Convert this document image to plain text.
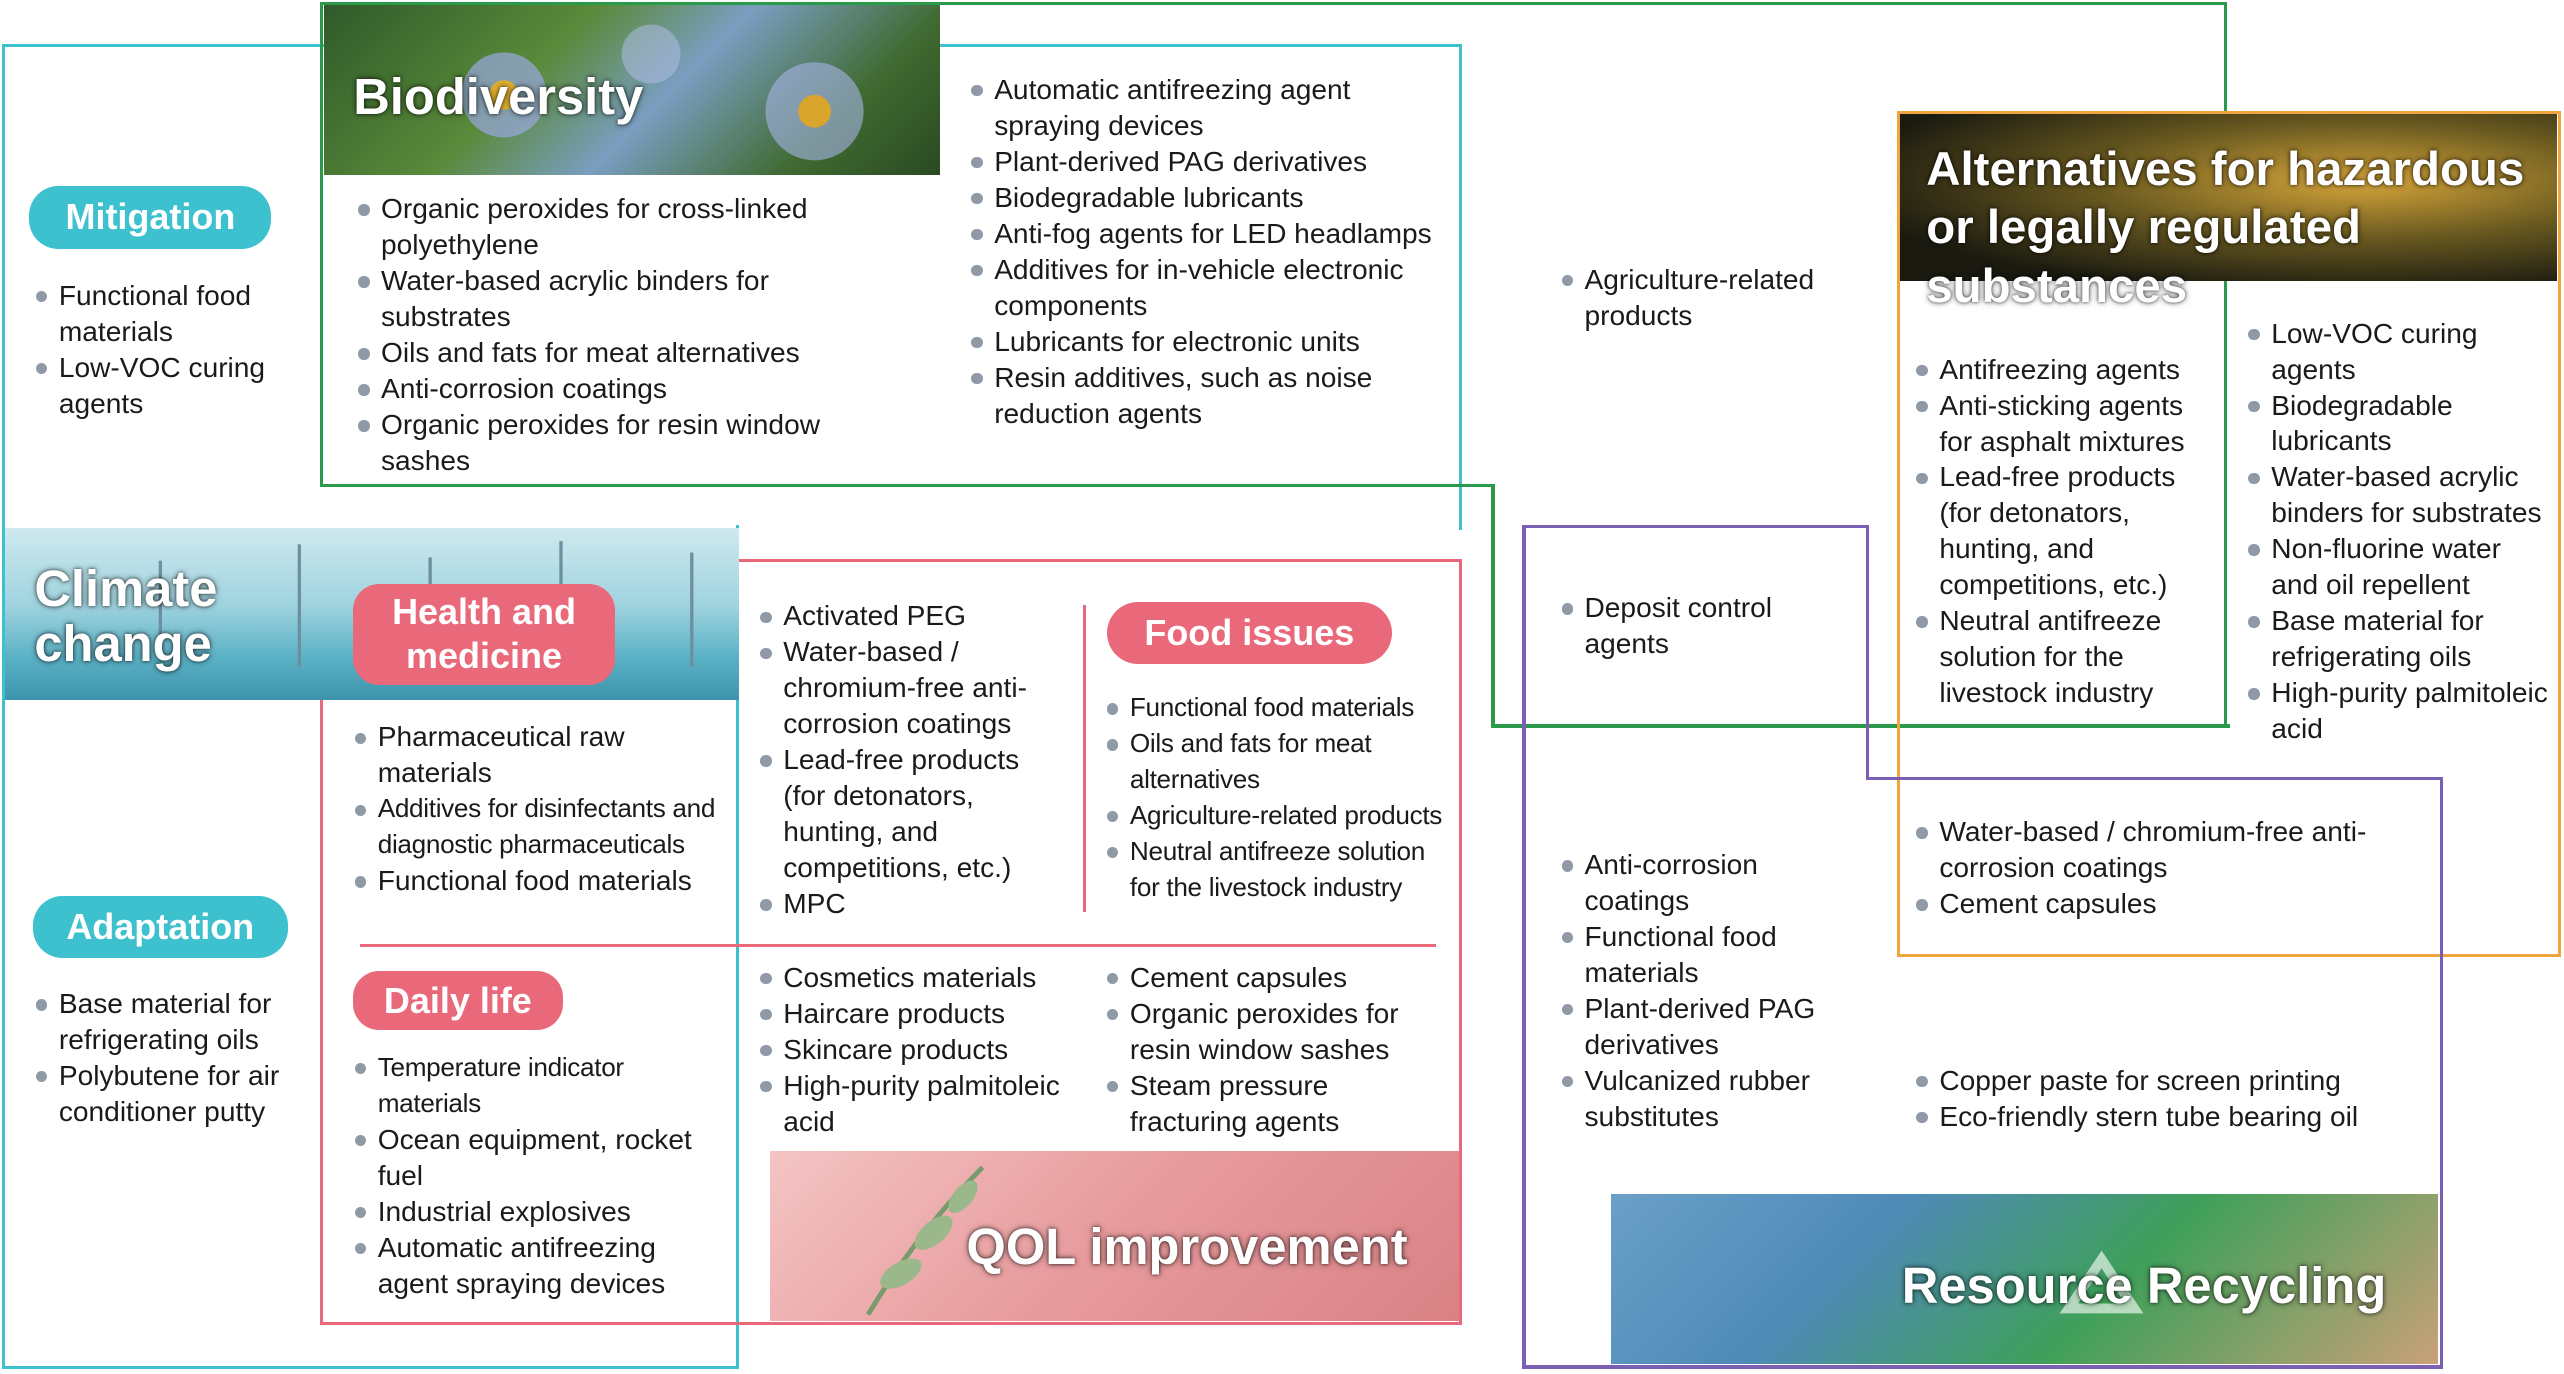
Biodiversity
Climate change
Alternatives for hazardous or legally regulated substances
QOL improvement
Resource Recycling
Mitigation
Adaptation
Health and medicine
Food issues
Daily life
Functional food materials
Low-VOC curing agents
Base material for refrigerating oils
Polybutene for air conditioner putty
Organic peroxides for cross-linked polyethylene
Water-based acrylic binders for substrates
Oils and fats for meat alternatives
Anti-corrosion coatings
Organic peroxides for resin window sashes
Automatic antifreezing agent spraying devices
Plant-derived PAG derivatives
Biodegradable lubricants
Anti-fog agents for LED headlamps
Additives for in-vehicle electronic components
Lubricants for electronic units
Resin additives, such as noise reduction agents
Agriculture-related products
Deposit control agents
Antifreezing agents
Anti-sticking agents for asphalt mixtures
Lead-free products (for detonators, hunting, and competitions, etc.)
Neutral antifreeze solution for the livestock industry
Low-VOC curing agents
Biodegradable lubricants
Water-based acrylic binders for substrates
Non-fluorine water and oil repellent
Base material for refrigerating oils
High-purity palmitoleic acid
Water-based / chromium-free anti-corrosion coatings
Cement capsules
Pharmaceutical raw materials
Additives for disinfectants and diagnostic pharmaceuticals
Functional food materials
Activated PEG
Water-based / chromium-free anti-corrosion coatings
Lead-free products (for detonators, hunting, and competitions, etc.)
MPC
Functional food materials
Oils and fats for meat alternatives
Agriculture-related products
Neutral antifreeze solution for the livestock industry
Temperature indicator materials
Ocean equipment, rocket fuel
Industrial explosives
Automatic antifreezing agent spraying devices
Cosmetics materials
Haircare products
Skincare products
High-purity palmitoleic acid
Cement capsules
Organic peroxides for resin window sashes
Steam pressure fracturing agents
Anti-corrosion coatings
Functional food materials
Plant-derived PAG derivatives
Vulcanized rubber substitutes
Copper paste for screen printing
Eco-friendly stern tube bearing oil
